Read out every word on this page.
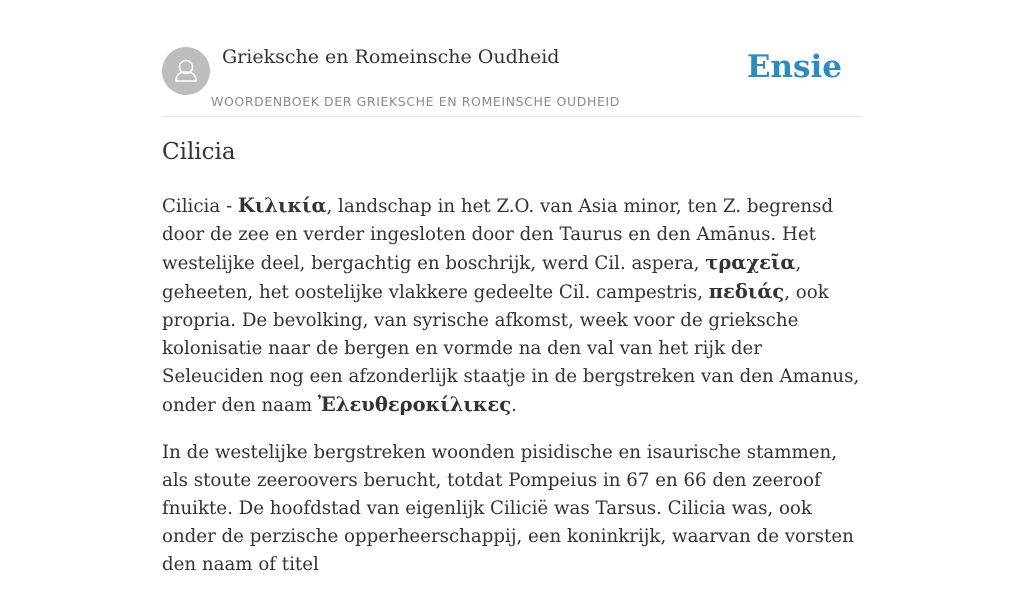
Grieksche en Romeinsche Oudheid
WOORDENBOEK DER GRIEKSCHE EN ROMEINSCHE OUDHEID
Ensie
Cilicia

Cilicia - Κιλικία, landschap in het Z.O. van Asia minor, ten Z. begrensd door de zee en verder ingesloten door den Taurus en den Amānus. Het westelijke deel, bergachtig en boschrijk, werd Cil. aspera, τραχεῖα, geheeten, het oostelijke vlakkere gedeelte Cil. campestris, πεδιάς, ook propria. De bevolking, van syrische afkomst, week voor de grieksche kolonisatie naar de bergen en vormde na den val van het rijk der Seleuciden nog een afzonderlijk staatje in de bergstreken van den Amanus, onder den naam Ἐλευθεροκίλικες.

In de westelijke bergstreken woonden pisidische en isaurische stammen, als stoute zeeroovers berucht, totdat Pompeius in 67 en 66 den zeeroof fnuikte. De hoofdstad van eigenlijk Cilicië was Tarsus. Cilicia was, ook onder de perzische opperheerschappij, een koninkrijk, waarvan de vorsten den naam of titel
